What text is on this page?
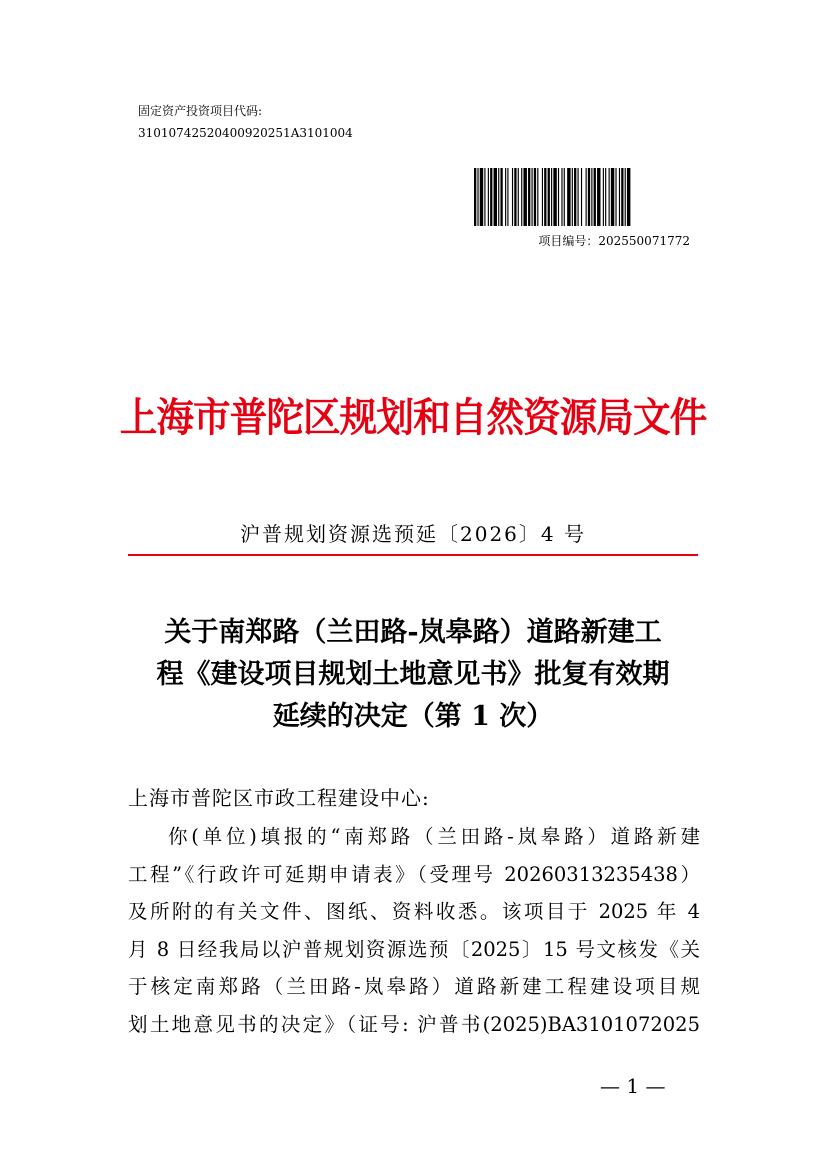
固定资产投资项目代码:
31010742520400920251A3101004
项目编号：202550071772
上海市普陀区规划和自然资源局文件
沪普规划资源选预延〔2026〕4 号
关于南郑路（兰田路-岚皋路）道路新建工
程《建设项目规划土地意见书》批复有效期
延续的决定（第 1 次）
上海市普陀区市政工程建设中心:
你(单位)填报的“南郑路（兰田路-岚皋路）道路新建
工程”《行政许可延期申请表》（受理号 20260313235438）
及所附的有关文件、图纸、资料收悉。该项目于 2025 年 4
月 8 日经我局以沪普规划资源选预〔2025〕15 号文核发《关
于核定南郑路（兰田路-岚皋路）道路新建工程建设项目规
划土地意见书的决定》（证号: 沪普书(2025)BA3101072025
— 1 —
